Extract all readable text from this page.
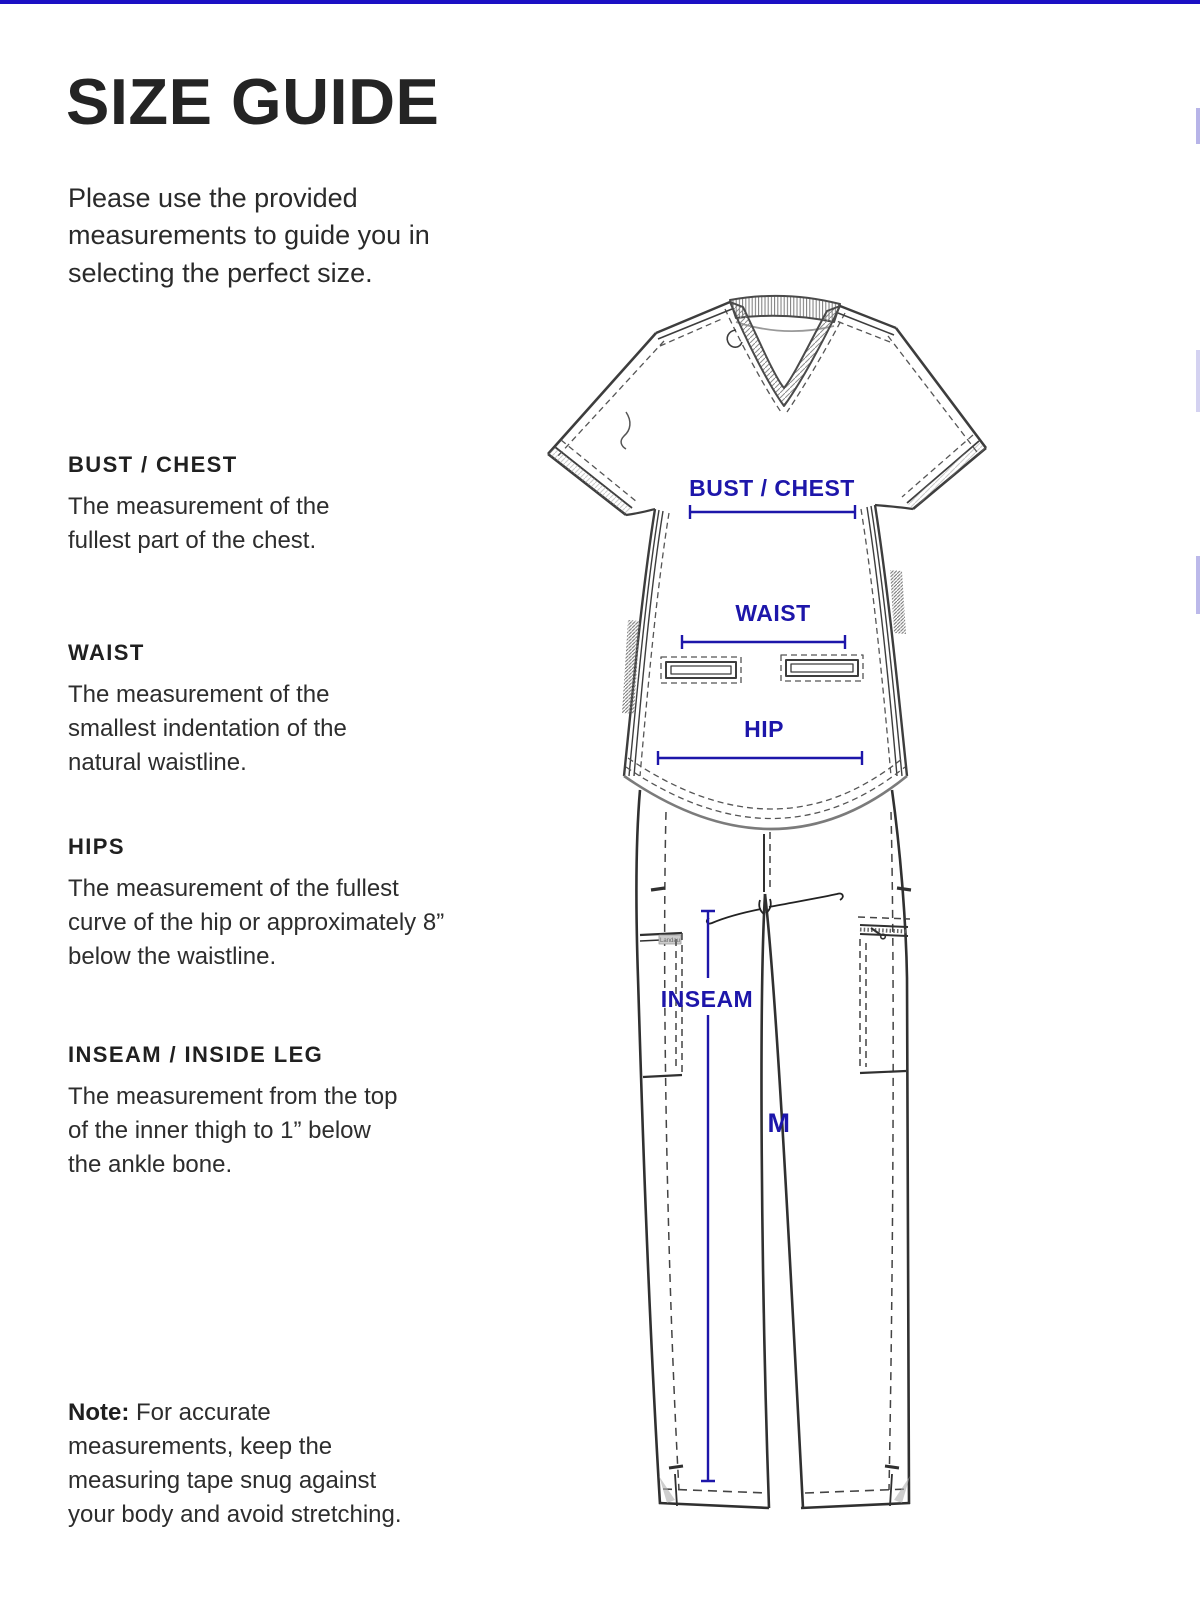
SIZE GUIDE

Please use the provided measurements to guide you in selecting the perfect size.

BUST / CHEST

The measurement of the fullest part of the chest.

WAIST

The measurement of the smallest indentation of the natural waistline.

HIPS

The measurement of the fullest curve of the hip or approximately 8” below the waistline.

INSEAM / INSIDE LEG

The measurement from the top of the inner thigh to 1” below the ankle bone.

Note: For accurate measurements, keep the measuring tape snug against your body and avoid stretching.

BUST / CHEST
WAIST
HIP
INSEAM
M
Landau
